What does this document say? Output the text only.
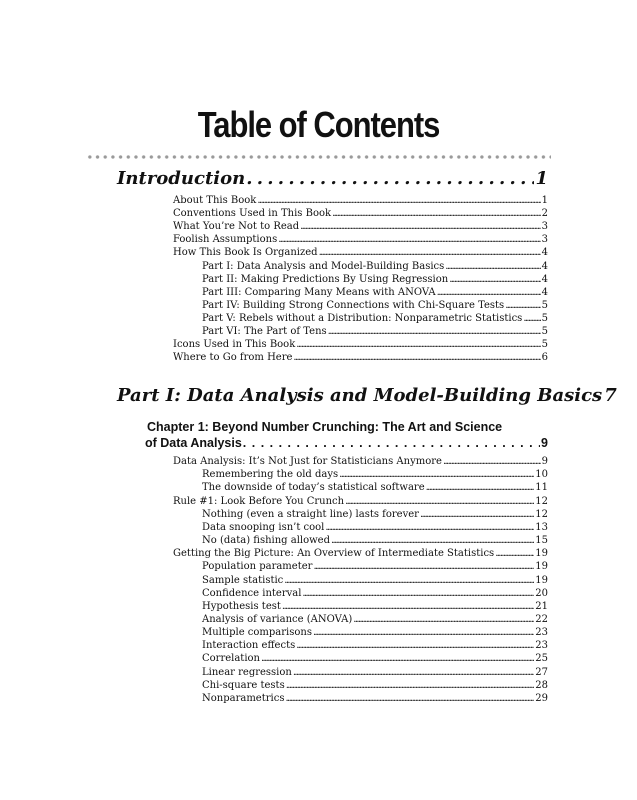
Table of Contents
Introduction . . .	1
About This Book . . .	1
Conventions Used in This Book . . .	2
What You’re Not to Read . . .	3
Foolish Assumptions . . .	3
How This Book Is Organized . . .	4
Part I: Data Analysis and Model-Building Basics . . .	4
Part II: Making Predictions By Using Regression . . .	4
Part III: Comparing Many Means with ANOVA . . .	4
Part IV: Building Strong Connections with Chi-Square Tests . . .	5
Part V: Rebels without a Distribution: Nonparametric Statistics . . . 5
Part VI: The Part of Tens . . .	5
Icons Used in This Book . . .	5
Where to Go from Here . . .	6
Part I: Data Analysis and Model-Building Basics 7
Chapter 1: Beyond Number Crunching: The Art and Science
of Data Analysis . . .	9
Data Analysis: It’s Not Just for Statisticians Anymore . . .	9
Remembering the old days . . .	10
The downside of today’s statistical software . . .	11
Rule #1: Look Before You Crunch . . .	12
Nothing (even a straight line) lasts forever . . .	12
Data snooping isn’t cool . . .	13
No (data) fishing allowed . . .	15
Getting the Big Picture: An Overview of Intermediate Statistics . . .	19
Population parameter . . .	19
Sample statistic . . .	19
Confidence interval . . .	20
Hypothesis test . . .	21
Analysis of variance (ANOVA) . . .	22
Multiple comparisons . . .	23
Interaction effects . . .	23
Correlation . . .	25
Linear regression . . .	27
Chi-square tests . . .	28
Nonparametrics . . .	29
